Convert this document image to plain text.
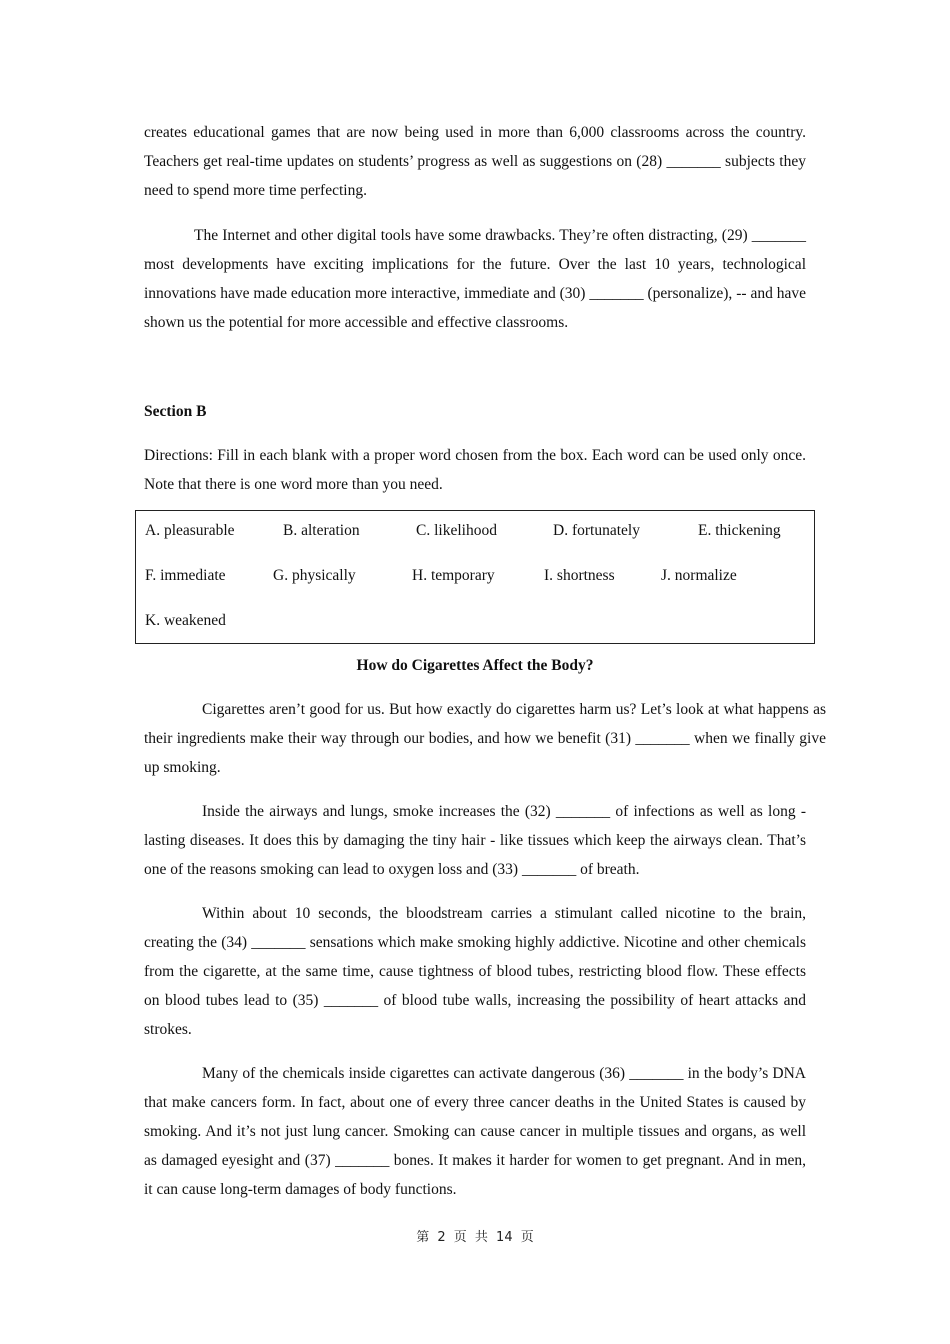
creates educational games that are now being used in more than 6,000 classrooms across the country. Teachers get real-time updates on students’ progress as well as suggestions on (28) _______ subjects they need to spend more time perfecting.

The Internet and other digital tools have some drawbacks. They’re often distracting, (29) _______ most developments have exciting implications for the future. Over the last 10 years, technological innovations have made education more interactive, immediate and (30) _______ (personalize), -- and have shown us the potential for more accessible and effective classrooms.

Section B

Directions: Fill in each blank with a proper word chosen from the box. Each word can be used only once. Note that there is one word more than you need.

A. pleasurable	B. alteration	C. likelihood	D. fortunately	E. thickening
F. immediate	G. physically	H. temporary	I. shortness	J. normalize
K. weakened

How do Cigarettes Affect the Body?

Cigarettes aren’t good for us. But how exactly do cigarettes harm us? Let’s look at what happens as their ingredients make their way through our bodies, and how we benefit (31) _______ when we finally give up smoking.

Inside the airways and lungs, smoke increases the (32) _______ of infections as well as long - lasting diseases. It does this by damaging the tiny hair - like tissues which keep the airways clean. That’s one of the reasons smoking can lead to oxygen loss and (33) _______ of breath.

Within about 10 seconds, the bloodstream carries a stimulant called nicotine to the brain, creating the (34) _______ sensations which make smoking highly addictive. Nicotine and other chemicals from the cigarette, at the same time, cause tightness of blood tubes, restricting blood flow. These effects on blood tubes lead to (35) _______ of blood tube walls, increasing the possibility of heart attacks and strokes.

Many of the chemicals inside cigarettes can activate dangerous (36) _______ in the body’s DNA that make cancers form. In fact, about one of every three cancer deaths in the United States is caused by smoking. And it’s not just lung cancer. Smoking can cause cancer in multiple tissues and organs, as well as damaged eyesight and (37) _______ bones. It makes it harder for women to get pregnant. And in men, it can cause long-term damages of body functions.

第 2 页 共 14 页
